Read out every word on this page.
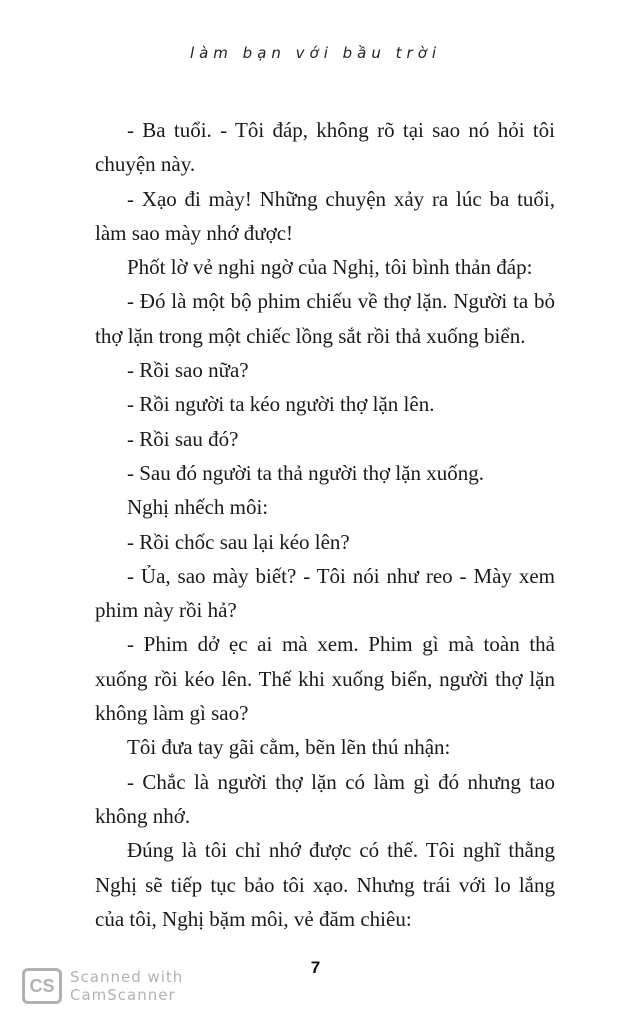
làm bạn với bầu trời

- Ba tuổi. - Tôi đáp, không rõ tại sao nó hỏi tôi chuyện này.

- Xạo đi mày! Những chuyện xảy ra lúc ba tuổi, làm sao mày nhớ được!

Phốt lờ vẻ nghi ngờ của Nghị, tôi bình thản đáp:

- Đó là một bộ phim chiếu về thợ lặn. Người ta bỏ thợ lặn trong một chiếc lồng sắt rồi thả xuống biển.

- Rồi sao nữa?

- Rồi người ta kéo người thợ lặn lên.

- Rồi sau đó?

- Sau đó người ta thả người thợ lặn xuống.

Nghị nhếch môi:

- Rồi chốc sau lại kéo lên?

- Ủa, sao mày biết? - Tôi nói như reo - Mày xem phim này rồi hả?

- Phim dở ẹc ai mà xem. Phim gì mà toàn thả xuống rồi kéo lên. Thế khi xuống biển, người thợ lặn không làm gì sao?

Tôi đưa tay gãi cằm, bẽn lẽn thú nhận:

- Chắc là người thợ lặn có làm gì đó nhưng tao không nhớ.

Đúng là tôi chỉ nhớ được có thế. Tôi nghĩ thằng Nghị sẽ tiếp tục bảo tôi xạo. Nhưng trái với lo lắng của tôi, Nghị bặm môi, vẻ đăm chiêu:

7
CS	Scanned with
CamScanner
